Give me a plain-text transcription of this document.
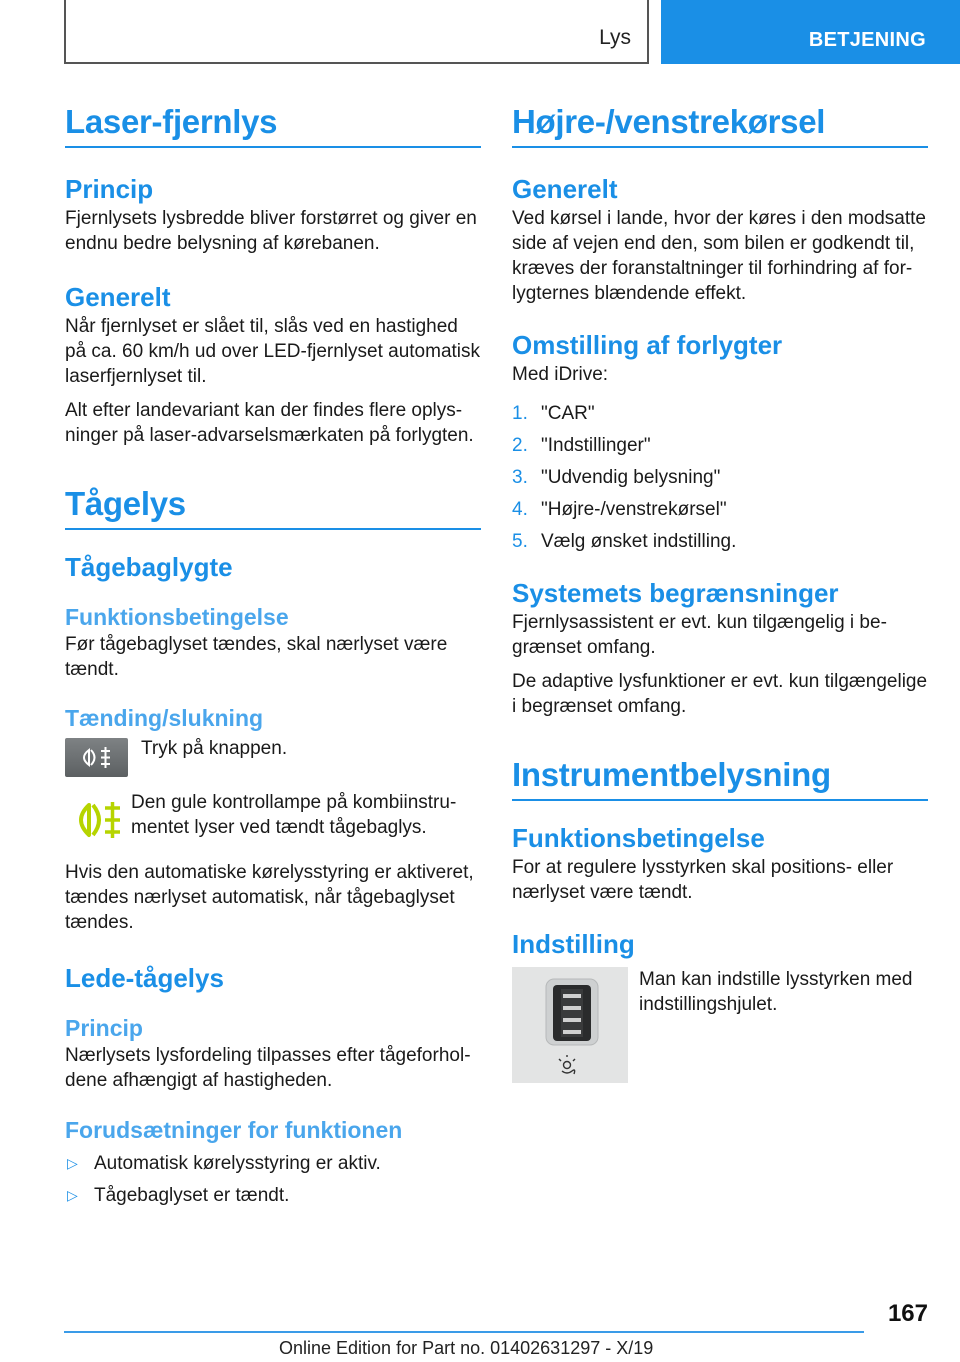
Lys	BETJENING
Laser-fjernlys
Princip

Fjernlysets lysbredde bliver forstørret og giver en endnu bedre belysning af kørebanen.

Generelt

Når fjernlyset er slået til, slås ved en hastighed på ca. 60 km/h ud over LED-fjernlyset automatisk laserfjernlyset til.

Alt efter landevariant kan der findes flere oplysninger på laser-advarselsmærkaten på forlygten.

Tågelys
Tågebaglygte
Funktionsbetingelse

Før tågebaglyset tændes, skal nærlyset være tændt.

Tænding/slukning

Tryk på knappen.

Den gule kontrollampe på kombiinstrumentet lyser ved tændt tågebaglys.

Hvis den automatiske kørelysstyring er aktiveret, tændes nærlyset automatisk, når tågebaglyset tændes.

Lede-tågelys
Princip

Nærlysets lysfordeling tilpasses efter tågeforholdene afhængigt af hastigheden.

Forudsætninger for funktionen
▷ Automatisk kørelysstyring er aktiv.
▷ Tågebaglyset er tændt.
Højre-/venstrekørsel
Generelt

Ved kørsel i lande, hvor der køres i den modsatte side af vejen end den, som bilen er godkendt til, kræves der foranstaltninger til forhindring af forlygternes blændende effekt.

Omstilling af forlygter

Med iDrive:

1. "CAR"
2. "Indstillinger"
3. "Udvendig belysning"
4. "Højre-/venstrekørsel"
5. Vælg ønsket indstilling.
Systemets begrænsninger

Fjernlysassistent er evt. kun tilgængelig i begrænset omfang.

De adaptive lysfunktioner er evt. kun tilgængelige i begrænset omfang.

Instrumentbelysning
Funktionsbetingelse

For at regulere lysstyrken skal positions- eller nærlyset være tændt.

Indstilling

Man kan indstille lysstyrken med indstillingshjulet.

167
Online Edition for Part no. 01402631297 - X/19
